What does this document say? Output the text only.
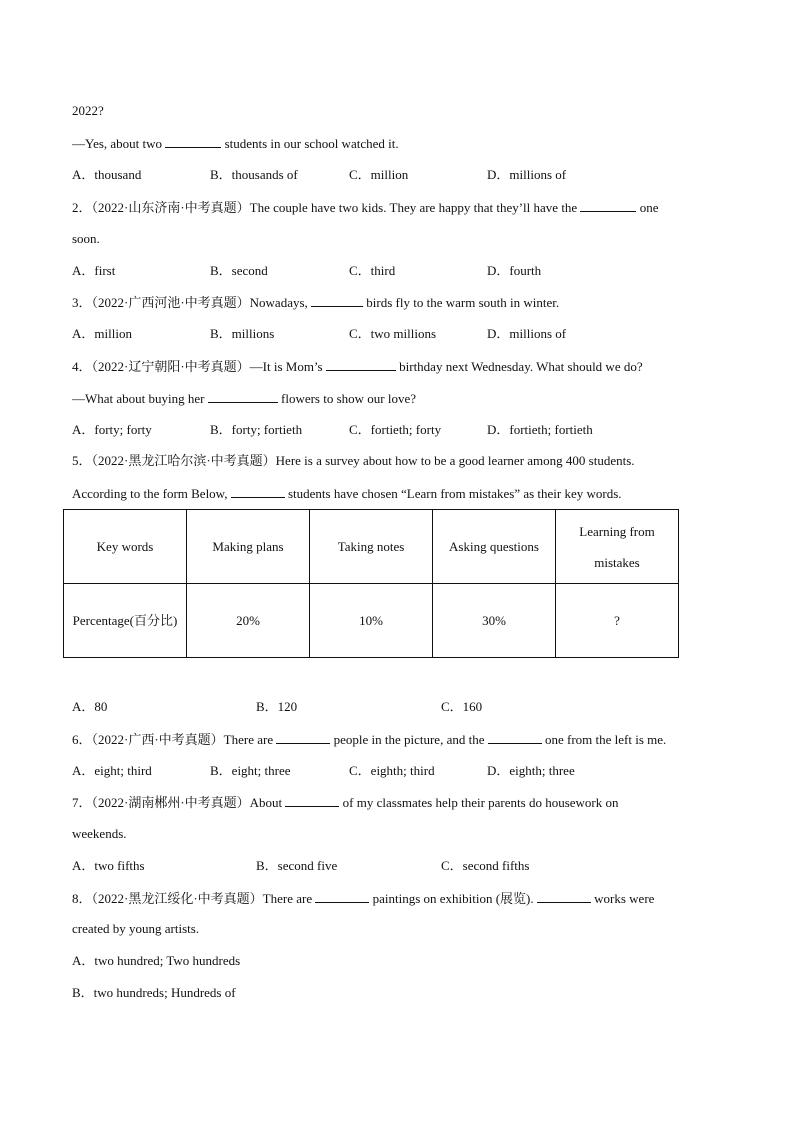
2022?
—Yes, about two	students in our school watched it.
A．thousand	B．thousands of	C．million	D．millions of
2．（2022·山东济南·中考真题）The couple have two kids. They are happy that they’ll have the	one
soon.
A．first	B．second	C．third	D．fourth
3．（2022·广西河池·中考真题）Nowadays,	birds fly to the warm south in winter.
A．million	B．millions	C．two millions	D．millions of
4．（2022·辽宁朝阳·中考真题）—It is Mom’s	birthday next Wednesday. What should we do?
—What about buying her	flowers to show our love?
A．forty; forty	B．forty; fortieth	C．fortieth; forty	D．fortieth; fortieth
5．（2022·黑龙江哈尔滨·中考真题）Here is a survey about how to be a good learner among 400 students.
According to the form Below,	students have chosen “Learn from mistakes” as their key words.
Key words	Making plans	Taking notes	Asking questions	Learning from mistakes
Percentage(百分比)	20%	10%	30%	?
A．80	B．120	C．160
6．（2022·广西·中考真题）There are	people in the picture, and the	one from the left is me.
A．eight; third	B．eight; three	C．eighth; third	D．eighth; three
7．（2022·湖南郴州·中考真题）About	of my classmates help their parents do housework on
weekends.
A．two fifths	B．second five	C．second fifths
8．（2022·黑龙江绥化·中考真题）There are	paintings on exhibition (展览).	works were
created by young artists.
A．two hundred; Two hundreds
B．two hundreds; Hundreds of
